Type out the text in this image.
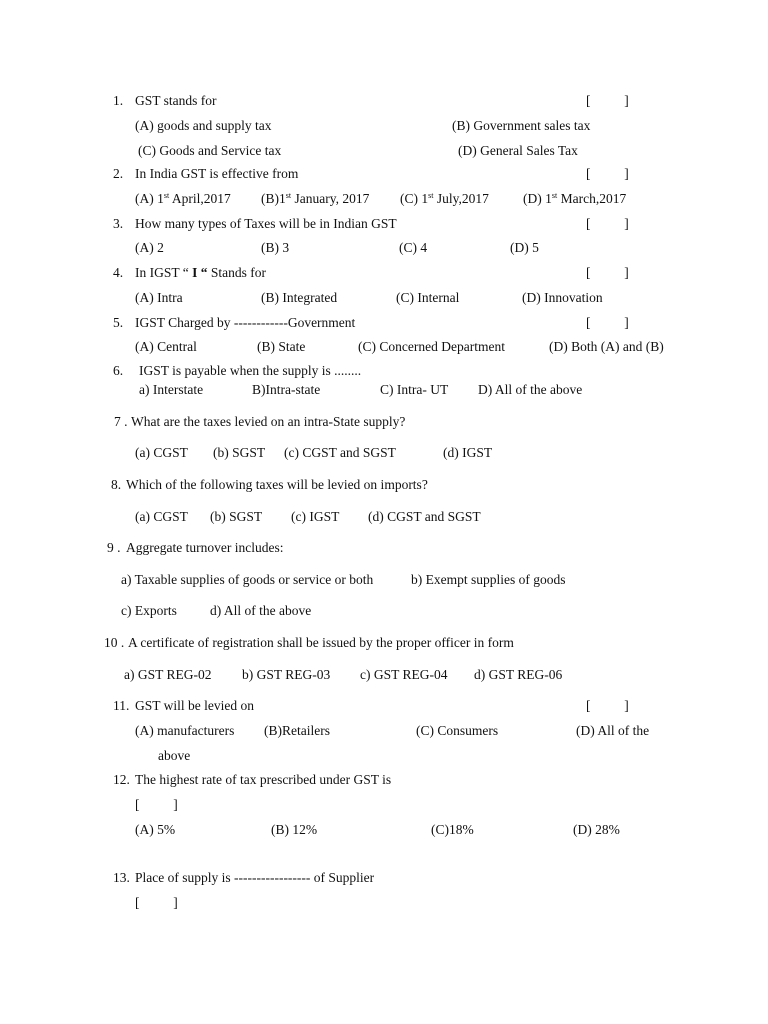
1. GST stands for	[          ]
(A) goods and supply tax	(B) Government sales tax
(C) Goods and Service tax	(D) General Sales Tax
2. In India GST is effective from	[          ]
(A) 1st April,2017 (B)1st January, 2017 (C) 1st July,2017	(D) 1st March,2017
3. How many types of Taxes will be in Indian GST	[          ]
(A) 2	(B) 3	(C) 4	(D) 5
4. In IGST “ I “ Stands for	[          ]
(A) Intra	(B) Integrated	(C) Internal	(D) Innovation
5. IGST Charged by ------------Government	[          ]
(A) Central	(B) State	(C) Concerned Department	(D) Both (A) and (B)
6. IGST is payable when the supply is ........
a) Interstate	B)Intra-state	C) Intra- UT D) All of the above
7 . What are the taxes levied on an intra-State supply?
(a) CGST (b) SGST (c) CGST and SGST	(d) IGST
8. Which of the following taxes will be levied on imports?
(a) CGST (b) SGST (c) IGST (d) CGST and SGST
9 . Aggregate turnover includes:
a) Taxable supplies of goods or service or both	b) Exempt supplies of goods
c) Exports d) All of the above
10 . A certificate of registration shall be issued by the proper officer in form
a) GST REG-02 b) GST REG-03 c) GST REG-04 d) GST REG-06
11. GST will be levied on	[          ]
(A) manufacturers (B)Retailers	(C) Consumers	(D) All of the
above
12. The highest rate of tax prescribed under GST is
[          ]
(A) 5%	(B) 12%	(C)18%	(D) 28%
13. Place of supply is ----------------- of Supplier
[          ]
